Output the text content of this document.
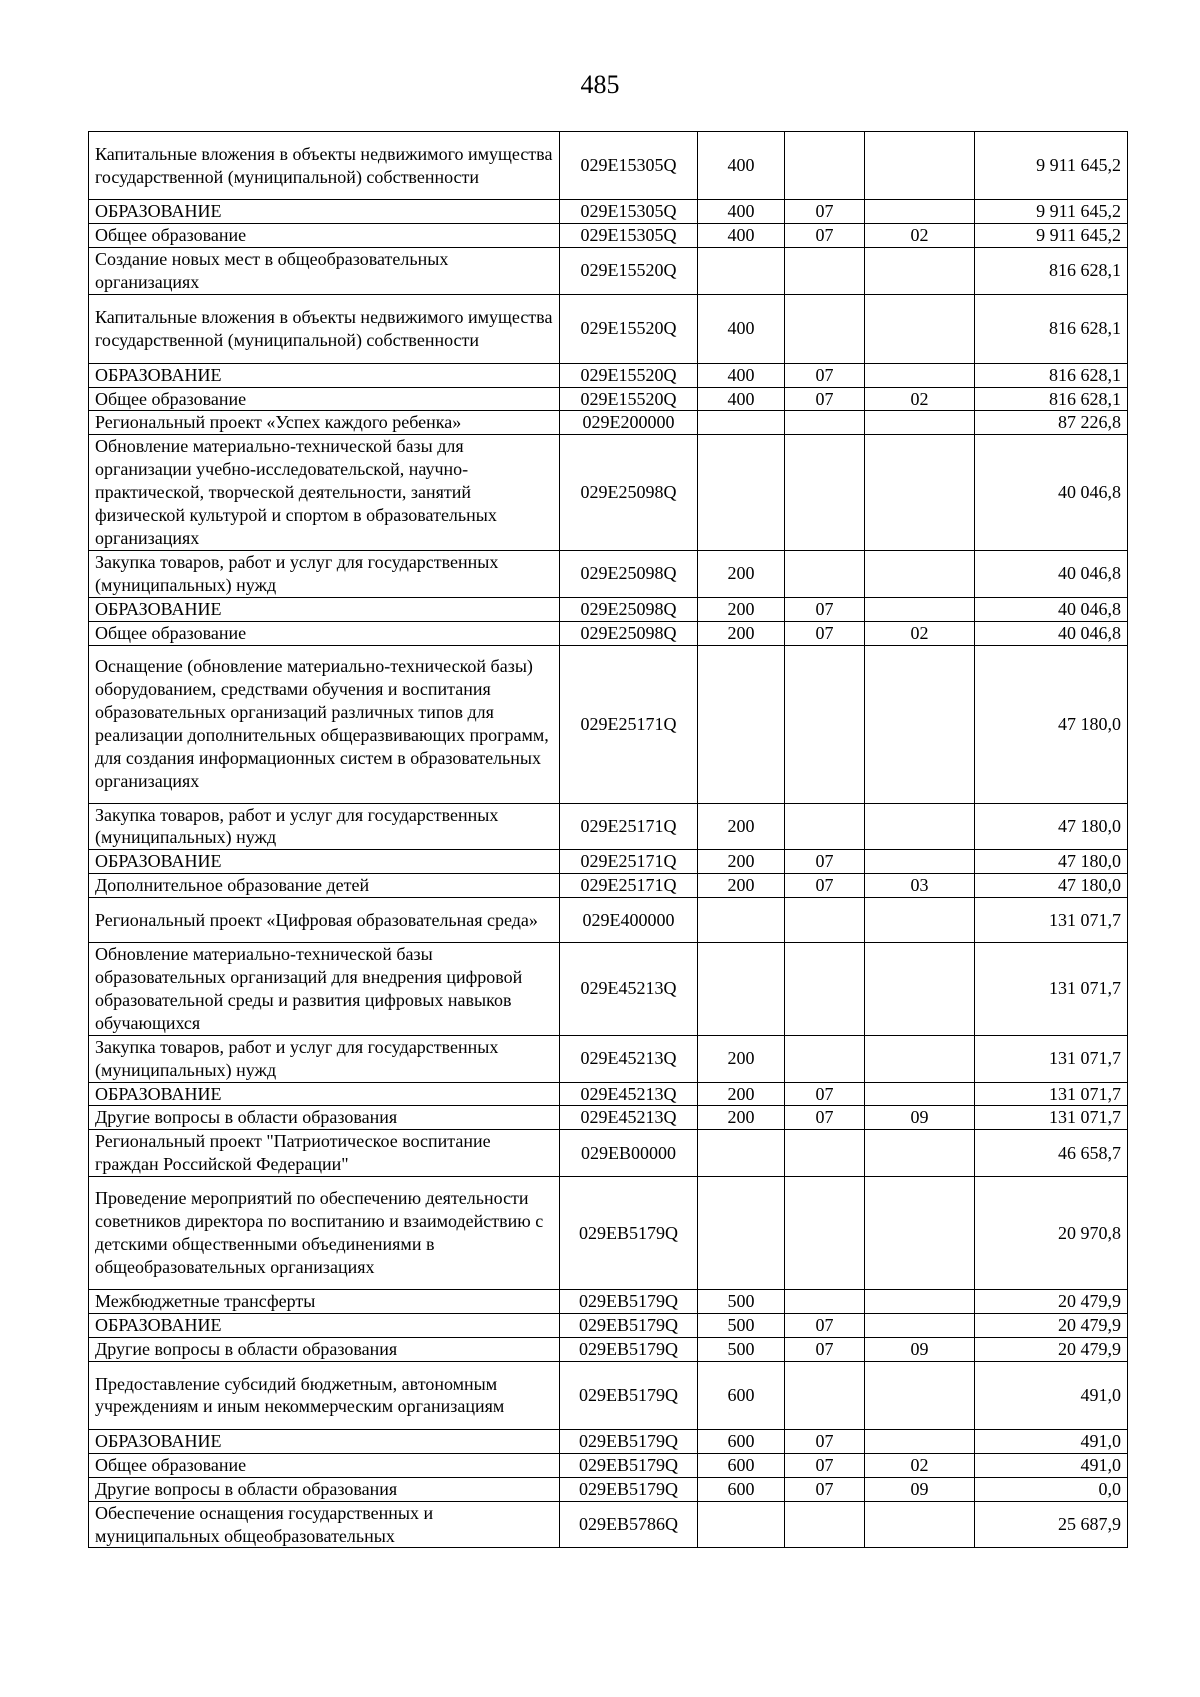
485
Капитальные вложения в объекты недвижимого имущества государственной (муниципальной) собственности	029E15305Q	400			9 911 645,2
ОБРАЗОВАНИЕ	029E15305Q	400	07		9 911 645,2
Общее образование	029E15305Q	400	07	02	9 911 645,2
Создание новых мест в общеобразовательных организациях	029E15520Q				816 628,1
Капитальные вложения в объекты недвижимого имущества государственной (муниципальной) собственности	029E15520Q	400			816 628,1
ОБРАЗОВАНИЕ	029E15520Q	400	07		816 628,1
Общее образование	029E15520Q	400	07	02	816 628,1
Региональный проект «Успех каждого ребенка»	029E200000				87 226,8
Обновление материально-технической базы для организации учебно-исследовательской, научно-практической, творческой деятельности, занятий физической культурой и спортом в образовательных организациях	029E25098Q				40 046,8
Закупка товаров, работ и услуг для государственных (муниципальных) нужд	029E25098Q	200			40 046,8
ОБРАЗОВАНИЕ	029E25098Q	200	07		40 046,8
Общее образование	029E25098Q	200	07	02	40 046,8
Оснащение (обновление материально-технической базы) оборудованием, средствами обучения и воспитания образовательных организаций различных типов для реализации дополнительных общеразвивающих программ, для создания информационных систем в образовательных организациях	029E25171Q				47 180,0
Закупка товаров, работ и услуг для государственных (муниципальных) нужд	029E25171Q	200			47 180,0
ОБРАЗОВАНИЕ	029E25171Q	200	07		47 180,0
Дополнительное образование детей	029E25171Q	200	07	03	47 180,0
Региональный проект «Цифровая образовательная среда»	029E400000				131 071,7
Обновление материально-технической базы образовательных организаций для внедрения цифровой образовательной среды и развития цифровых навыков обучающихся	029E45213Q				131 071,7
Закупка товаров, работ и услуг для государственных (муниципальных) нужд	029E45213Q	200			131 071,7
ОБРАЗОВАНИЕ	029E45213Q	200	07		131 071,7
Другие вопросы в области образования	029E45213Q	200	07	09	131 071,7
Региональный проект "Патриотическое воспитание граждан Российской Федерации"	029EB00000				46 658,7
Проведение мероприятий по обеспечению деятельности советников директора по воспитанию и взаимодействию с детскими общественными объединениями в общеобразовательных организациях	029EB5179Q				20 970,8
Межбюджетные трансферты	029EB5179Q	500			20 479,9
ОБРАЗОВАНИЕ	029EB5179Q	500	07		20 479,9
Другие вопросы в области образования	029EB5179Q	500	07	09	20 479,9
Предоставление субсидий бюджетным, автономным учреждениям и иным некоммерческим организациям	029EB5179Q	600			491,0
ОБРАЗОВАНИЕ	029EB5179Q	600	07		491,0
Общее образование	029EB5179Q	600	07	02	491,0
Другие вопросы в области образования	029EB5179Q	600	07	09	0,0
Обеспечение оснащения государственных и муниципальных общеобразовательных	029EB5786Q				25 687,9
